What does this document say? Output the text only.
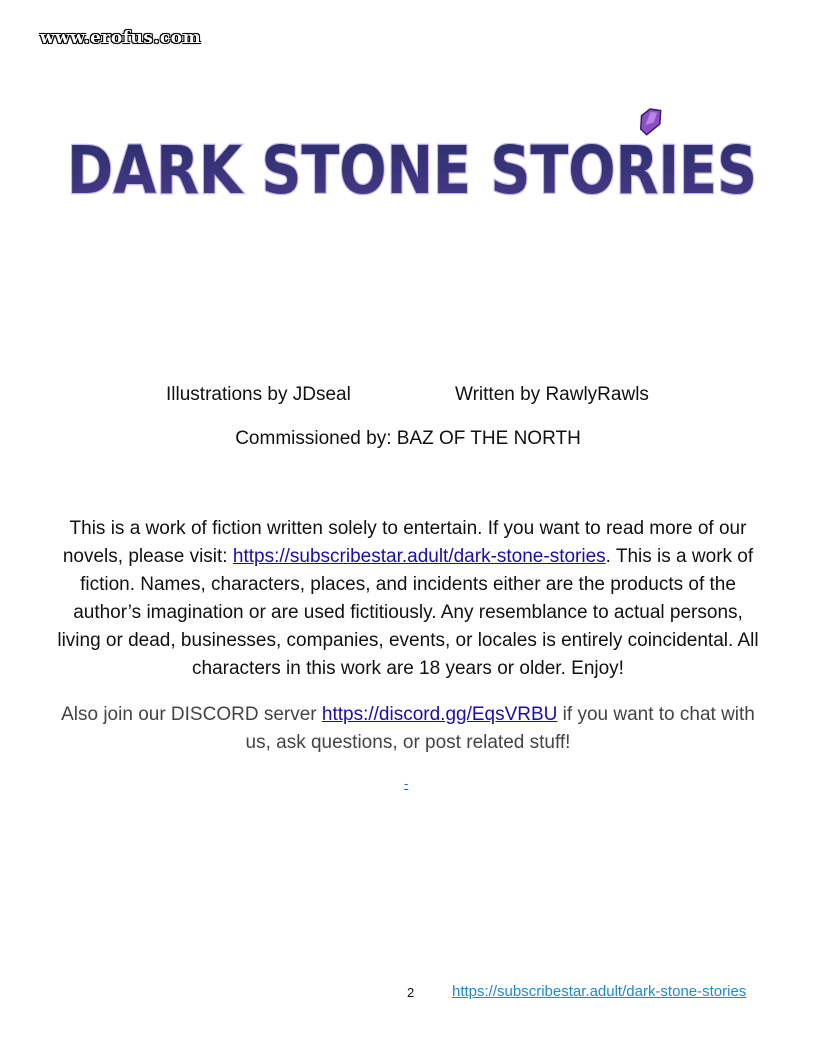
www.erofus.com
DARK STONE STORIES
Illustrations by JDseal	Written by RawlyRawls
Commissioned by: BAZ OF THE NORTH
This is a work of fiction written solely to entertain. If you want to read more of our novels, please visit: https://subscribestar.adult/dark-stone-stories. This is a work of fiction. Names, characters, places, and incidents either are the products of the author’s imagination or are used fictitiously. Any resemblance to actual persons, living or dead, businesses, companies, events, or locales is entirely coincidental. All characters in this work are 18 years or older. Enjoy!
Also join our DISCORD server https://discord.gg/EqsVRBU if you want to chat with us, ask questions, or post related stuff!
-
2	https://subscribestar.adult/dark-stone-stories
